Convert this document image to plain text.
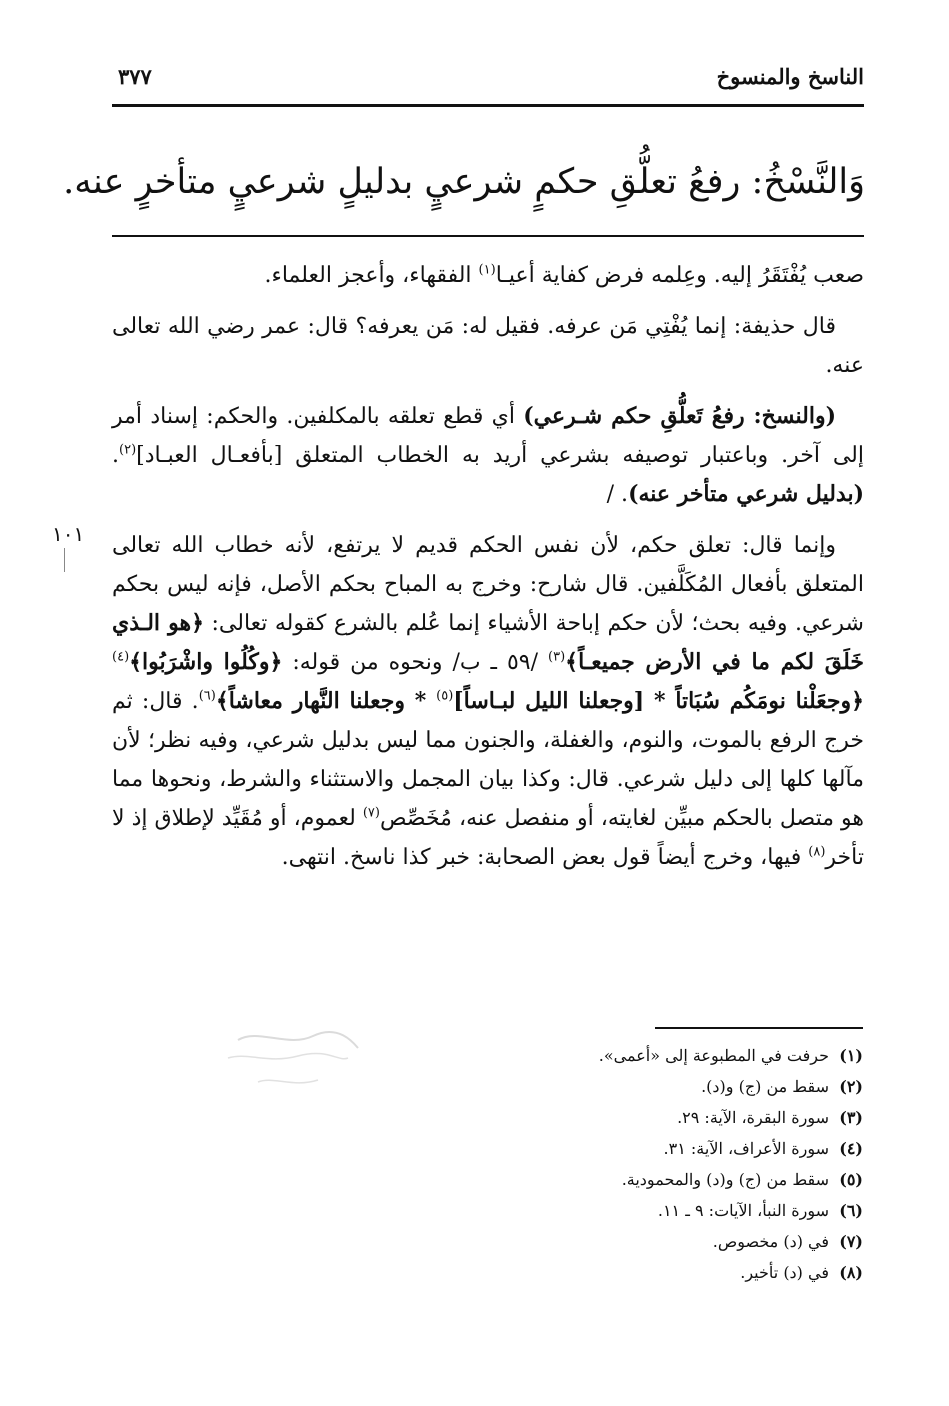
الناسخ والمنسوخ
٣٧٧
وَالنَّسْخُ: رفعُ تعلُّقِ حكمٍ شرعيٍ بدليلٍ شرعيٍ متأخرٍ عنه.
١٠١

صعب يُفْتَقَرُ إليه. وعِلمه فرض كفاية أعيـا$^{(١)}$ الفقهاء، وأعجز العلماء.

قال حذيفة: إنما يُفْتِي مَن عرفه. فقيل له: مَن يعرفه؟ قال: عمر رضي الله تعالى عنه.

(والنسخ: رفعُ تَعلُّقِ حكم شـرعي) أي قطع تعلقه بالمكلفين. والحكم: إسناد أمر إلى آخر. وباعتبار توصيفه بشرعي أريد به الخطاب المتعلق [بأفعـال العبـاد]$^{(٢)}$. (بدليل شرعي متأخر عنه). /

وإنما قال: تعلق حكم، لأن نفس الحكم قديم لا يرتفع، لأنه خطاب الله تعالى المتعلق بأفعال المُكَلَّفين. قال شارح: وخرج به المباح بحكم الأصل، فإنه ليس بحكم شرعي. وفيه بحث؛ لأن حكم إباحة الأشياء إنما عُلم بالشرع كقوله تعالى: ﴿هو الـذي خَلَقَ لكم ما في الأرض جميعـاً﴾$^{(٣)}$ /٥٩ ـ ب/ ونحوه من قوله: ﴿وكُلُوا واشْرَبُوا﴾$^{(٤)}$ ﴿وجعَلْنا نومَكُم سُبَاتاً * [وجعلنا الليل لبـاساً]$^{(٥)}$ * وجعلنا النَّهار معاشاً﴾$^{(٦)}$. قال: ثم خرج الرفع بالموت، والنوم، والغفلة، والجنون مما ليس بدليل شرعي، وفيه نظر؛ لأن مآلها كلها إلى دليل شرعي. قال: وكذا بيان المجمل والاستثناء والشرط، ونحوها مما هو متصل بالحكم مبيِّن لغايته، أو منفصل عنه، مُخَصِّص$^{(٧)}$ لعموم، أو مُقَيِّد لإطلاق إذ لا تأخر$^{(٨)}$ فيها، وخرج أيضاً قول بعض الصحابة: خبر كذا ناسخ. انتهى.

(١)
حرفت في المطبوعة إلى «أعمى».
(٢)
سقط من (ج) و(د).
(٣)
سورة البقرة، الآية: ٢٩.
(٤)
سورة الأعراف، الآية: ٣١.
(٥)
سقط من (ج) و(د) والمحمودية.
(٦)
سورة النبأ، الآيات: ٩ ـ ١١.
(٧)
في (د) مخصوص.
(٨)
في (د) تأخير.
